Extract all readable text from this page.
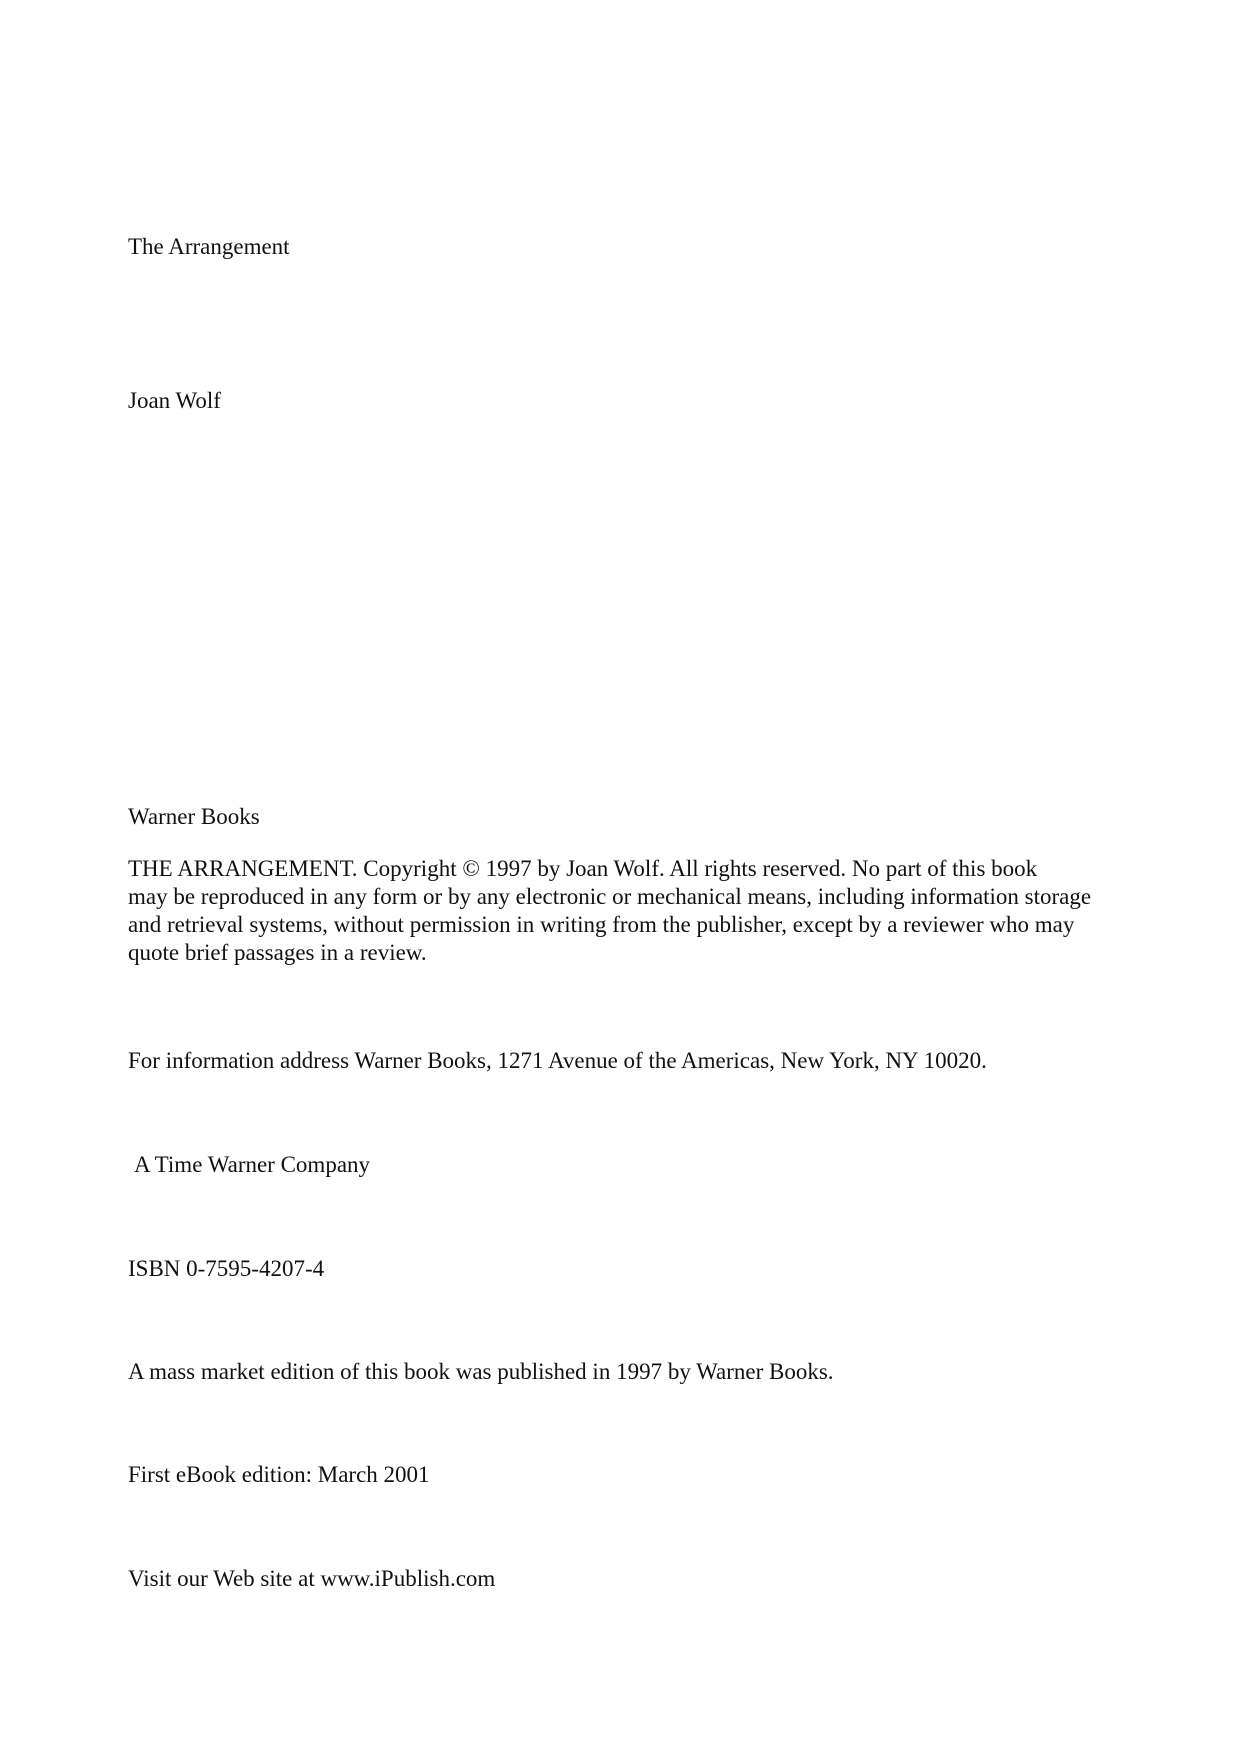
The Arrangement

Joan Wolf

Warner Books

THE ARRANGEMENT. Copyright © 1997 by Joan Wolf. All rights reserved. No part of this book
may be reproduced in any form or by any electronic or mechanical means, including information storage
and retrieval systems, without permission in writing from the publisher, except by a reviewer who may
quote brief passages in a review.

For information address Warner Books, 1271 Avenue of the Americas, New York, NY 10020.

A Time Warner Company

ISBN 0-7595-4207-4

A mass market edition of this book was published in 1997 by Warner Books.

First eBook edition: March 2001

Visit our Web site at www.iPublish.com
